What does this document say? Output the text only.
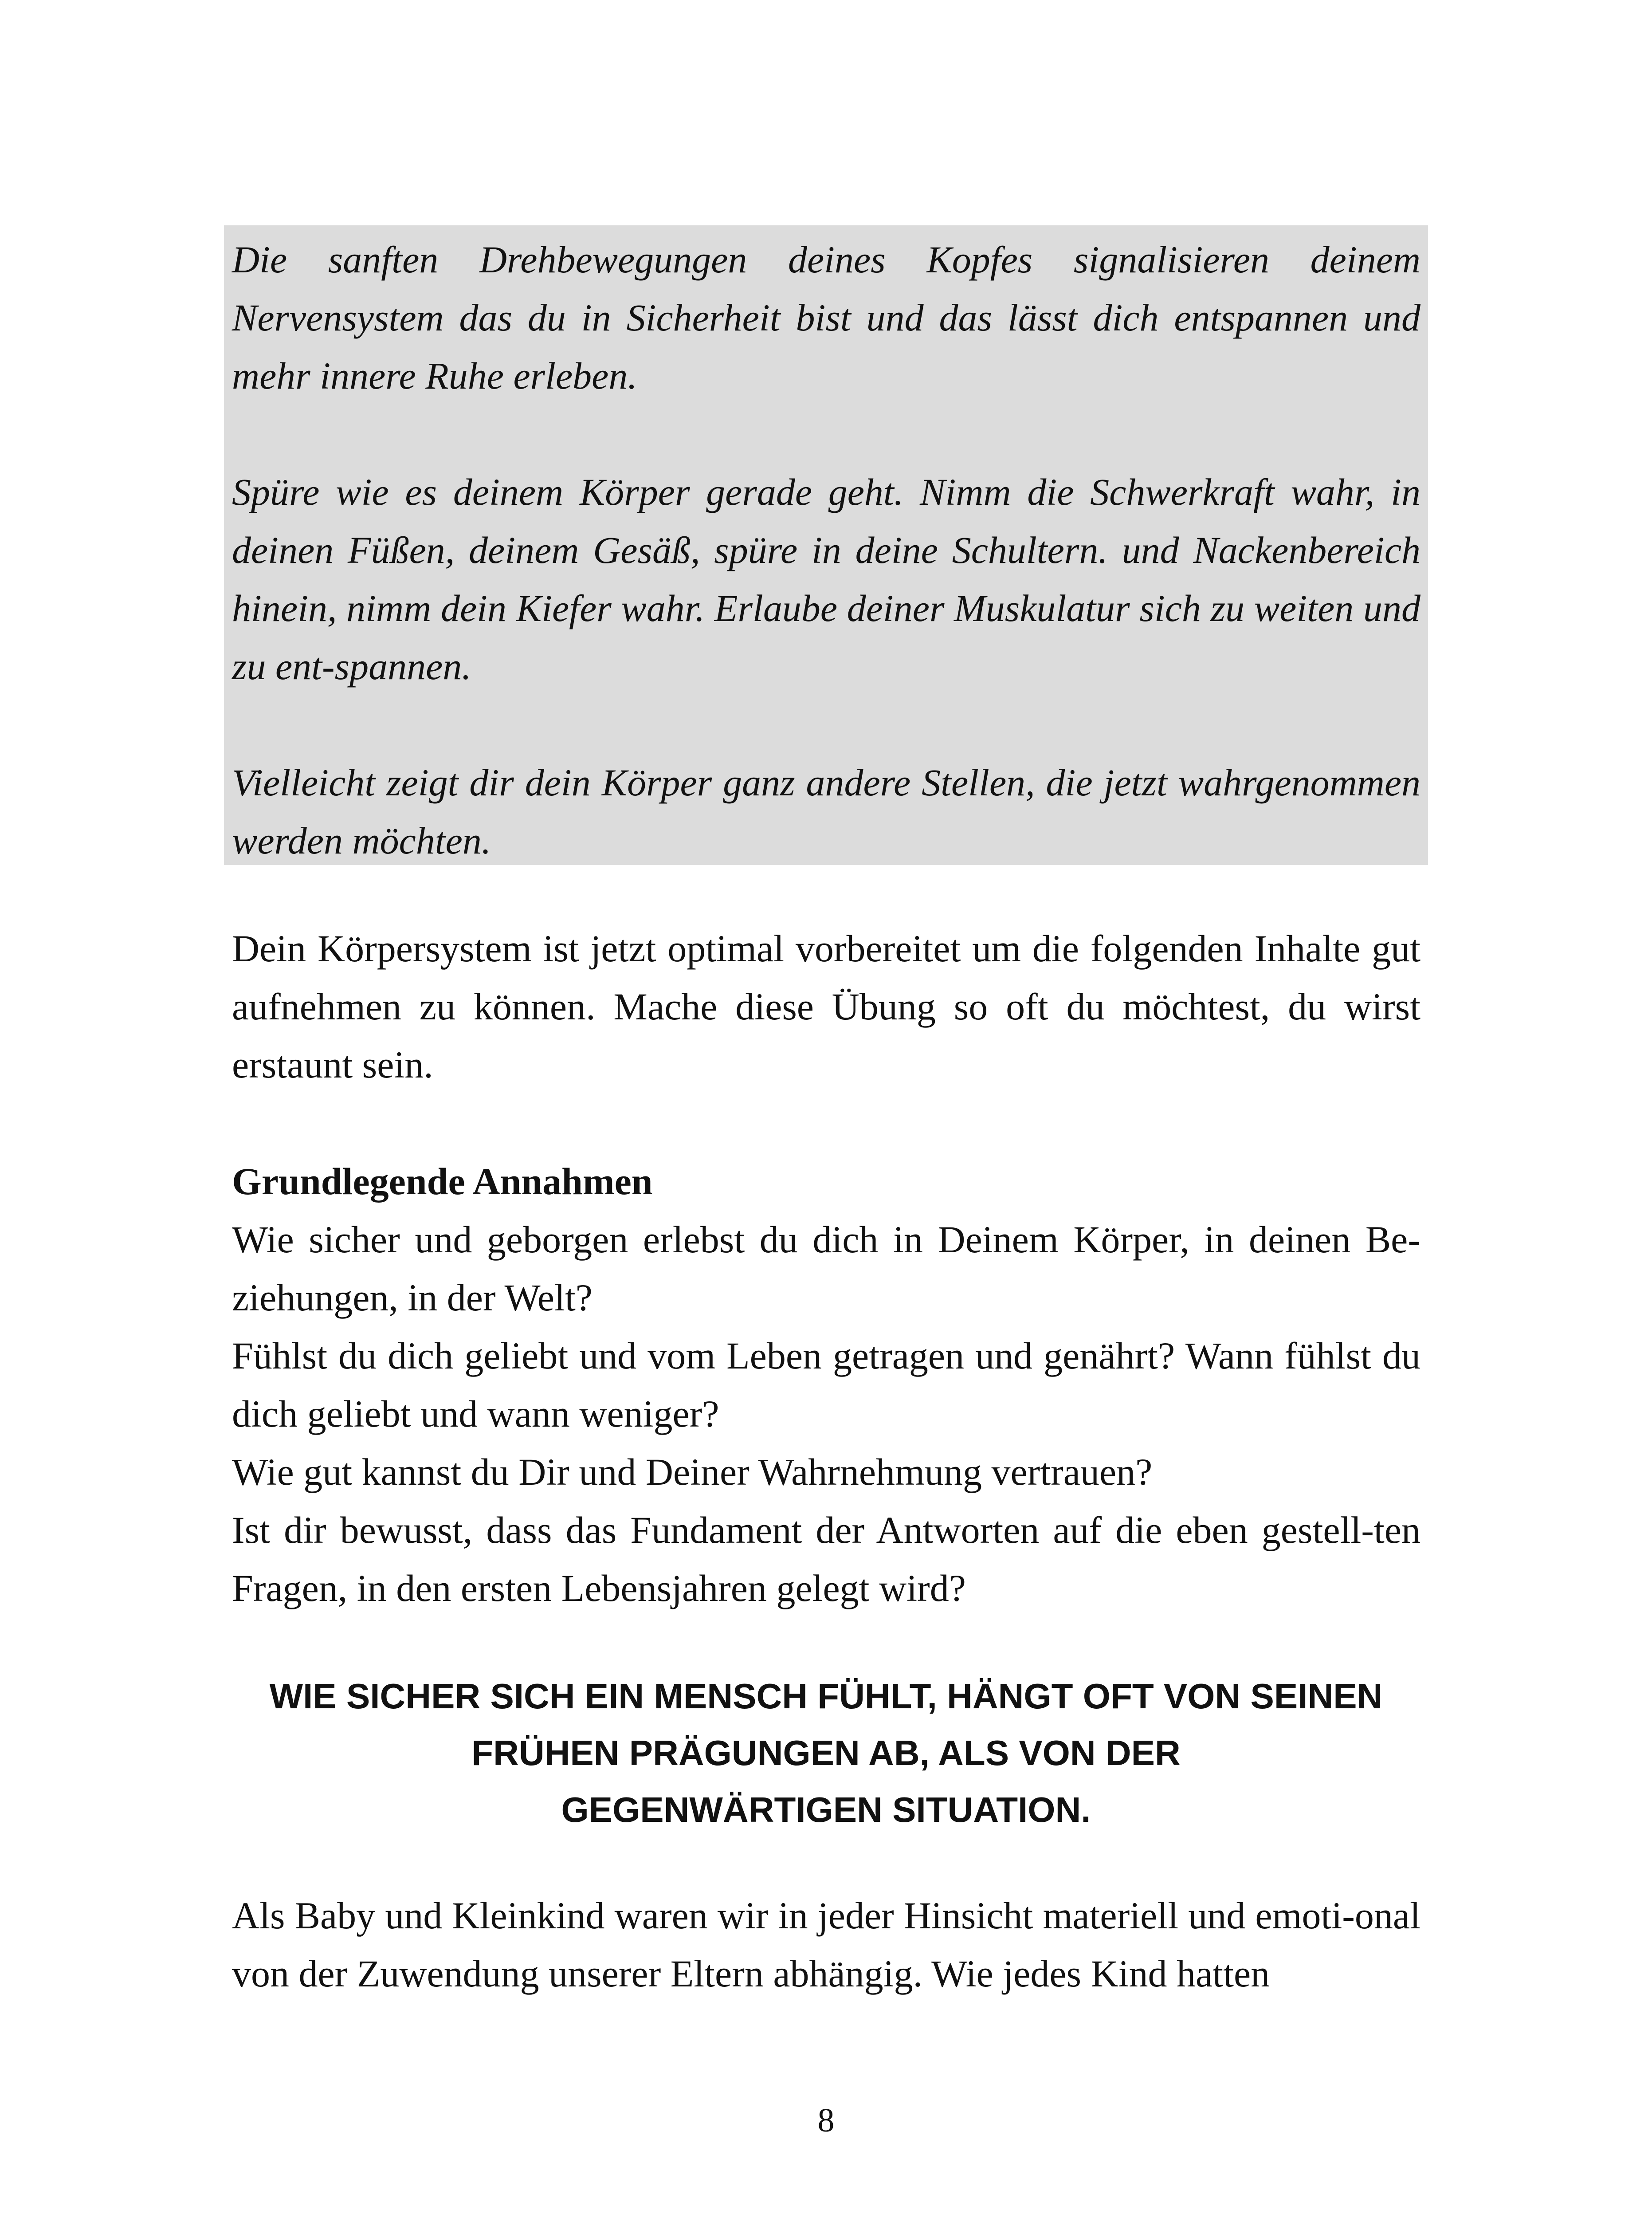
Die sanften Drehbewegungen deines Kopfes signalisieren deinem Nervensystem das du in Sicherheit bist und das lässt dich entspannen und mehr innere Ruhe erleben.

Spüre wie es deinem Körper gerade geht. Nimm die Schwerkraft wahr, in deinen Füßen, deinem Gesäß, spüre in deine Schultern. und Nackenbereich hinein, nimm dein Kiefer wahr. Erlaube deiner Muskulatur sich zu weiten und zu ent-spannen.

Vielleicht zeigt dir dein Körper ganz andere Stellen, die jetzt wahrgenommen werden möchten.

Dein Körpersystem ist jetzt optimal vorbereitet um die folgenden Inhalte gut aufnehmen zu können. Mache diese Übung so oft du möchtest, du wirst erstaunt sein.

Grundlegende Annahmen

Wie sicher und geborgen erlebst du dich in Deinem Körper, in deinen Be-ziehungen, in der Welt?
Fühlst du dich geliebt und vom Leben getragen und genährt? Wann fühlst du dich geliebt und wann weniger?
Wie gut kannst du Dir und Deiner Wahrnehmung vertrauen?
Ist dir bewusst, dass das Fundament der Antworten auf die eben gestell-ten Fragen, in den ersten Lebensjahren gelegt wird?

WIE SICHER SICH EIN MENSCH FÜHLT, HÄNGT OFT VON SEINEN
FRÜHEN PRÄGUNGEN AB, ALS VON DER
GEGENWÄRTIGEN SITUATION.

Als Baby und Kleinkind waren wir in jeder Hinsicht materiell und emoti-onal von der Zuwendung unserer Eltern abhängig. Wie jedes Kind hatten

8
